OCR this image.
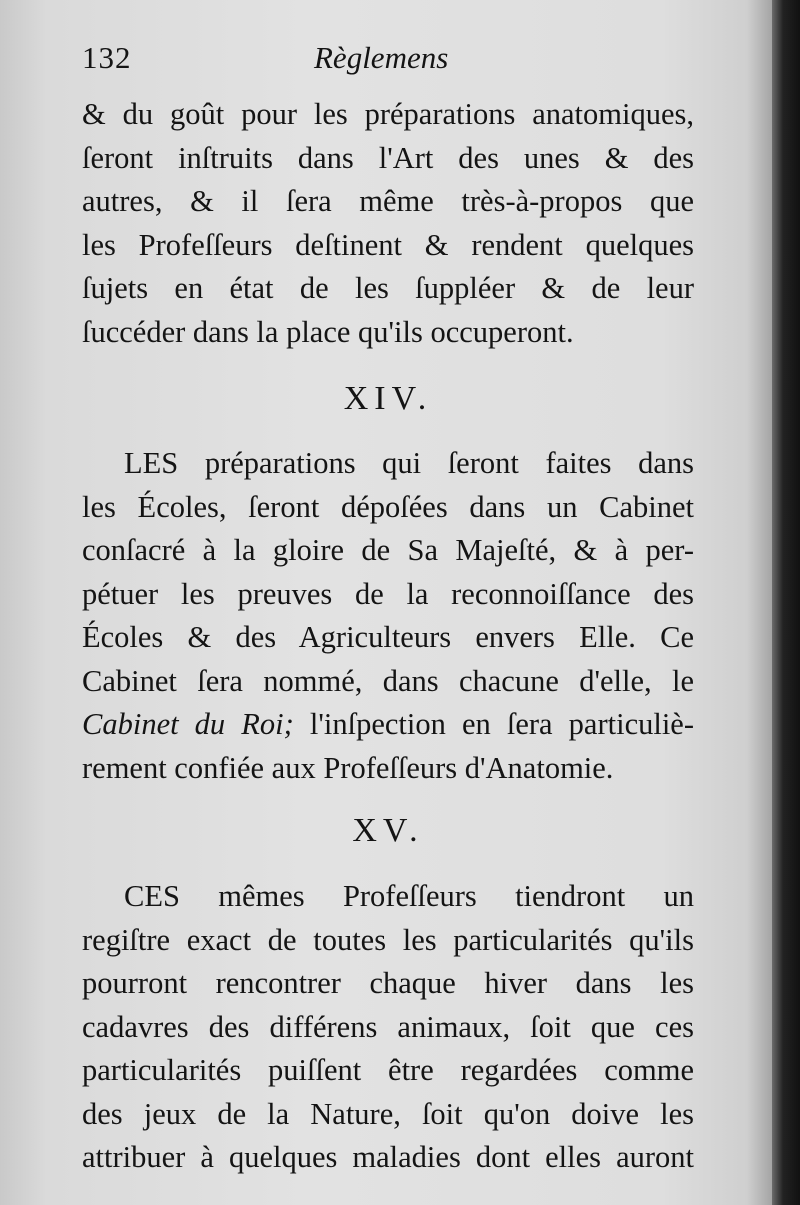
132	Règlemens
& du goût pour les préparations anatomiques,
ſeront inſtruits dans l'Art des unes & des
autres, & il ſera même très-à-propos que
les Profeſſeurs deſtinent & rendent quelques
ſujets en état de les ſuppléer & de leur
ſuccéder dans la place qu'ils occuperont.
XIV.
LES préparations qui ſeront faites dans
les Écoles, ſeront dépoſées dans un Cabinet
conſacré à la gloire de Sa Majeſté, & à per-
pétuer les preuves de la reconnoiſſance des
Écoles & des Agriculteurs envers Elle. Ce
Cabinet ſera nommé, dans chacune d'elle, le
Cabinet du Roi; l'inſpection en ſera particuliè-
rement confiée aux Profeſſeurs d'Anatomie.
XV.
CES mêmes Profeſſeurs tiendront un
regiſtre exact de toutes les particularités qu'ils
pourront rencontrer chaque hiver dans les
cadavres des différens animaux, ſoit que ces
particularités puiſſent être regardées comme
des jeux de la Nature, ſoit qu'on doive les
attribuer à quelques maladies dont elles auront
